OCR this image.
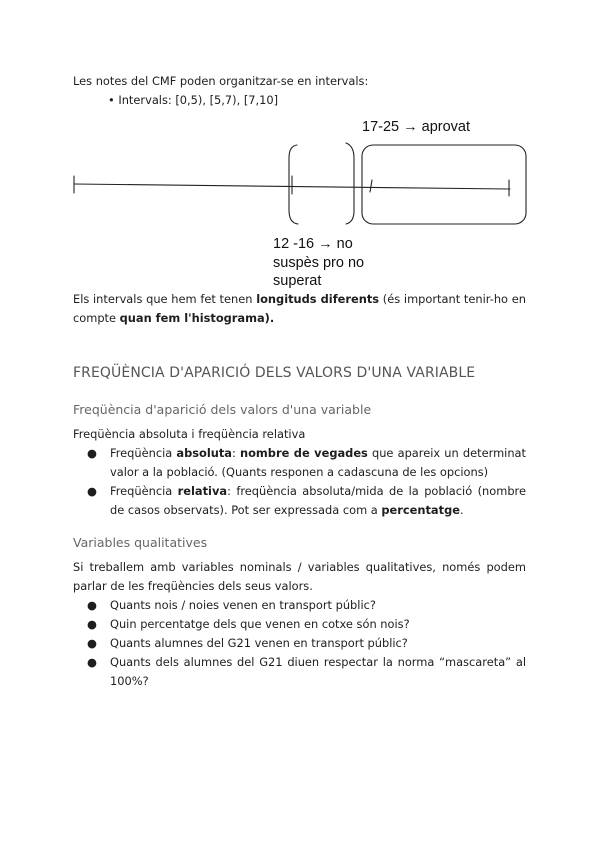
Les notes del CMF poden organitzar-se en intervals:
• Intervals: [0,5), [5,7), [7,10]
17-25 → aprovat
12 -16 → no
suspès pro no
superat
Els intervals que hem fet tenen longituds diferents (és important tenir-ho en compte quan fem l'histograma).
FREQÜÈNCIA D'APARICIÓ DELS VALORS D'UNA VARIABLE
Freqüència d'aparició dels valors d'una variable
Freqüència absoluta i freqüència relativa
● Freqüència absoluta: nombre de vegades que apareix un determinat valor a la població. (Quants responen a cadascuna de les opcions)
● Freqüència relativa: freqüència absoluta/mida de la població (nombre de casos observats). Pot ser expressada com a percentatge.
Variables qualitatives
Si treballem amb variables nominals / variables qualitatives, només podem parlar de les freqüències dels seus valors.
● Quants nois / noies venen en transport públic?
● Quin percentatge dels que venen en cotxe són nois?
● Quants alumnes del G21 venen en transport públic?
● Quants dels alumnes del G21 diuen respectar la norma “mascareta” al 100%?
